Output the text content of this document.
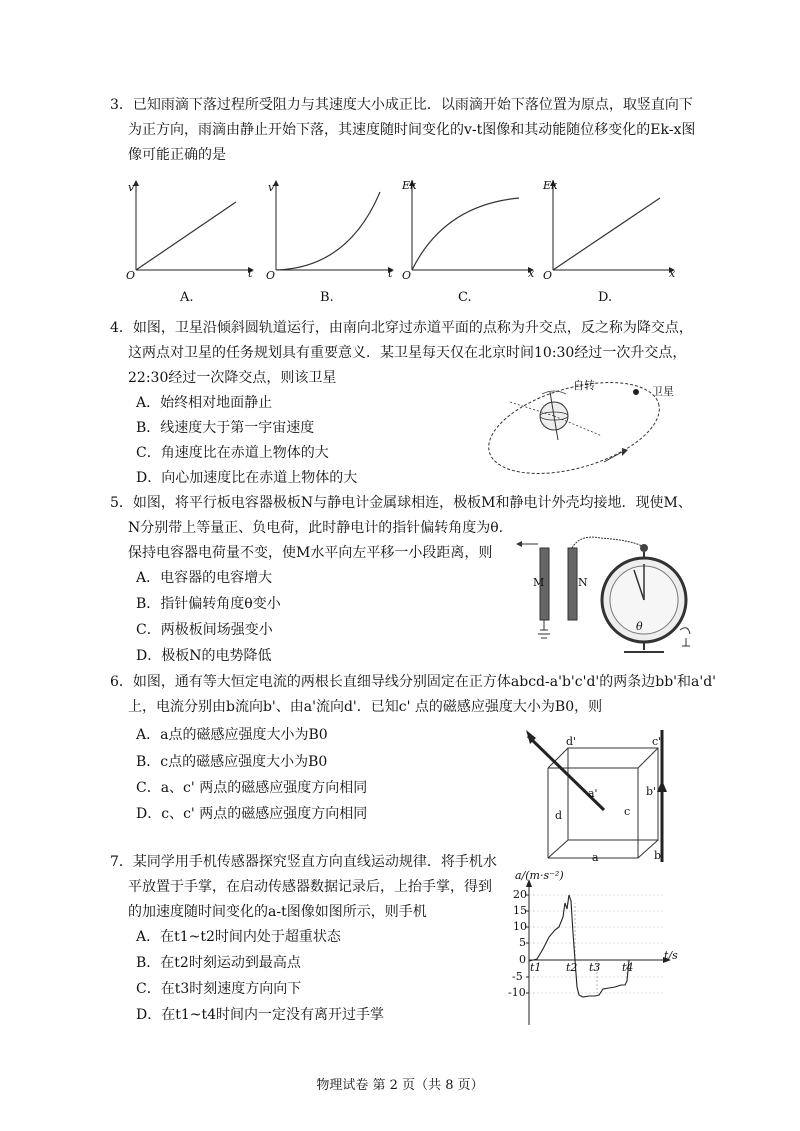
3．已知雨滴下落过程所受阻力与其速度大小成正比．以雨滴开始下落位置为原点，取竖直向下
为正方向，雨滴由静止开始下落，其速度随时间变化的v-t图像和其动能随位移变化的Ek-x图
像可能正确的是
v
t
O
A.
v
t
O
B.
Ek
x
O
C.
Ek
x
O
D.
4．如图，卫星沿倾斜圆轨道运行，由南向北穿过赤道平面的点称为升交点，反之称为降交点，
这两点对卫星的任务规划具有重要意义．某卫星每天仅在北京时间10:30经过一次升交点，
22:30经过一次降交点，则该卫星
A．始终相对地面静止
B．线速度大于第一宇宙速度
C．角速度比在赤道上物体的大
D．向心加速度比在赤道上物体的大
自转	卫星
5．如图，将平行板电容器极板N与静电计金属球相连，极板M和静电计外壳均接地．现使M、
N分别带上等量正、负电荷，此时静电计的指针偏转角度为θ.
保持电容器电荷量不变，使M水平向左平移一小段距离，则
A．电容器的电容增大
B．指针偏转角度θ变小
C．两极板间场强变小
D．极板N的电势降低
M	N
θ
6．如图，通有等大恒定电流的两根长直细导线分别固定在正方体abcd-a'b'c'd'的两条边bb'和a'd'
上，电流分别由b流向b'、由a'流向d'．已知c' 点的磁感应强度大小为B0，则
A．a点的磁感应强度大小为B0
B．c点的磁感应强度大小为B0
C．a、c' 两点的磁感应强度方向相同
D．c、c' 两点的磁感应强度方向相同
d'	c'
a'	b'
c
d
a	b
7．某同学用手机传感器探究竖直方向直线运动规律．将手机水
平放置于手掌，在启动传感器数据记录后，上抬手掌，得到
的加速度随时间变化的a-t图像如图所示，则手机
A．在t1~t2时间内处于超重状态
B．在t2时刻运动到最高点
C．在t3时刻速度方向向下
D．在t1~t4时间内一定没有离开过手掌
a/(m·s⁻²)
t/s
20
15
10
5
0
-5
-10
t1 t2 t3 t4
物理试卷 第 2 页（共 8 页）
